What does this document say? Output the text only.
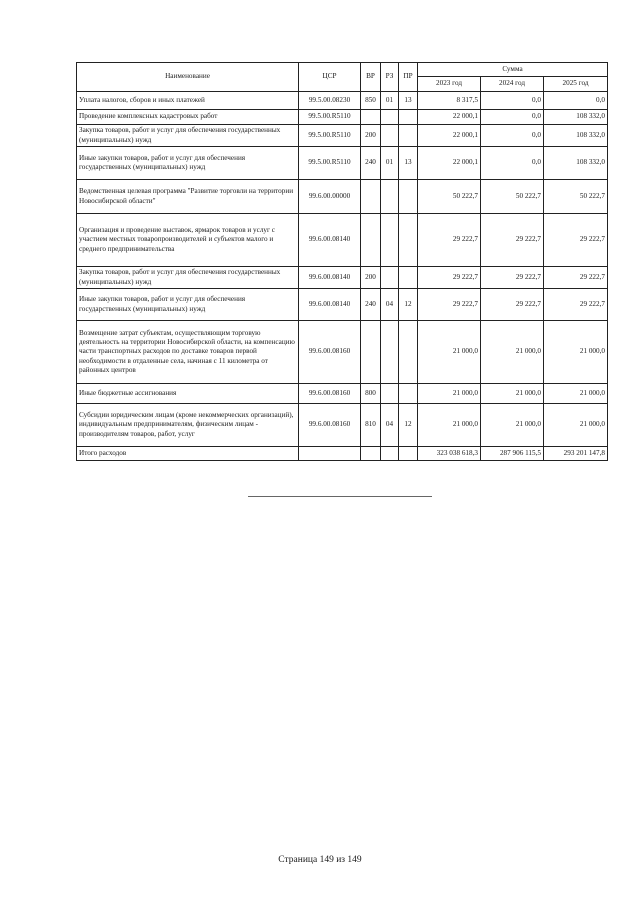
Наименование	ЦСР	ВР	РЗ	ПР	Сумма		
					2023 год	2024 год	2025 год
Уплата налогов, сборов и иных платежей	99.5.00.08230	850	01	13	8 317,5	0,0	0,0
Проведение комплексных кадастровых работ	99.5.00.R5110				22 000,1	0,0	108 332,0
Закупка товаров, работ и услуг для обеспечения государственных (муниципальных) нужд	99.5.00.R5110	200			22 000,1	0,0	108 332,0
Иные закупки товаров, работ и услуг для обеспечения государственных (муниципальных) нужд	99.5.00.R5110	240	01	13	22 000,1	0,0	108 332,0
Ведомственная целевая программа "Развитие торговли на территории Новосибирской области"	99.6.00.00000				50 222,7	50 222,7	50 222,7
Организация и проведение выставок, ярмарок товаров и услуг с участием местных товаропроизводителей и субъектов малого и среднего предпринимательства	99.6.00.08140				29 222,7	29 222,7	29 222,7
Закупка товаров, работ и услуг для обеспечения государственных (муниципальных) нужд	99.6.00.08140	200			29 222,7	29 222,7	29 222,7
Иные закупки товаров, работ и услуг для обеспечения государственных (муниципальных) нужд	99.6.00.08140	240	04	12	29 222,7	29 222,7	29 222,7
Возмещение затрат субъектам, осуществляющим торговую деятельность на территории Новосибирской области, на компенсацию части транспортных расходов по доставке товаров первой необходимости в отдаленные села, начиная с 11 километра от районных центров	99.6.00.08160				21 000,0	21 000,0	21 000,0
Иные бюджетные ассигнования	99.6.00.08160	800			21 000,0	21 000,0	21 000,0
Субсидии юридическим лицам (кроме некоммерческих организаций), индивидуальным предпринимателям, физическим лицам - производителям товаров, работ, услуг	99.6.00.08160	810	04	12	21 000,0	21 000,0	21 000,0
Итого расходов					323 038 618,3	287 906 115,5	293 201 147,8
Страница 149 из 149
